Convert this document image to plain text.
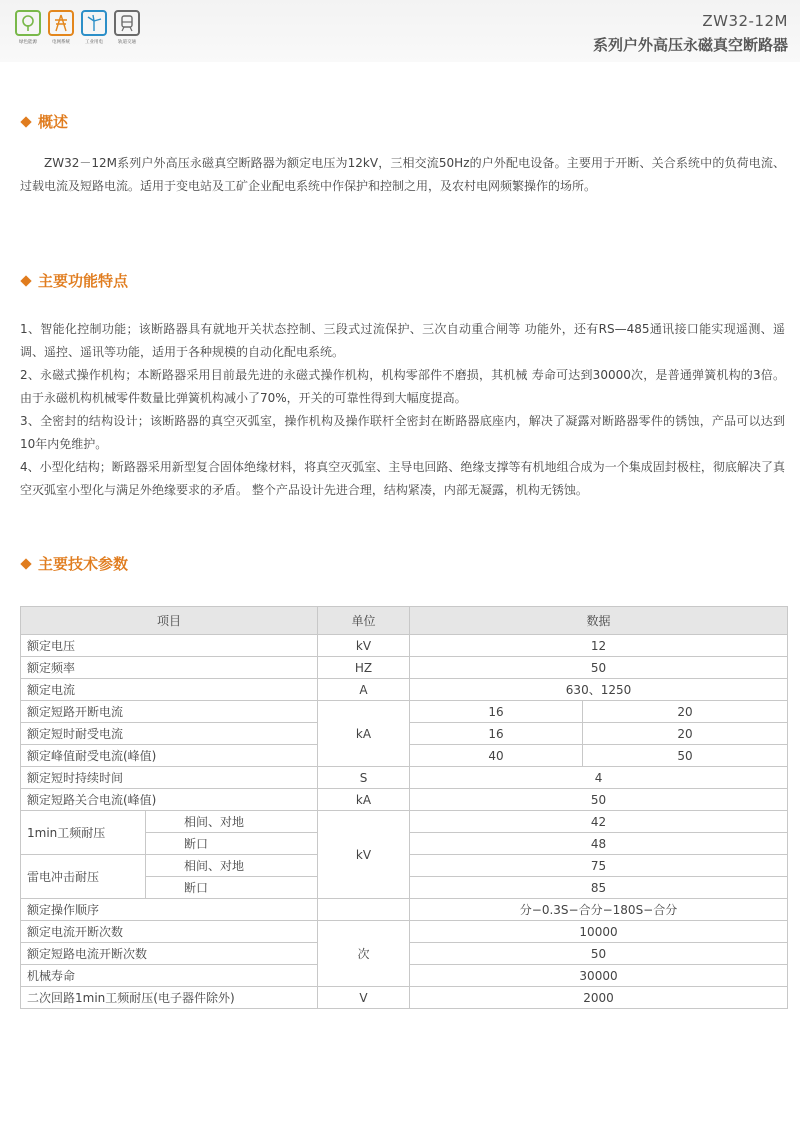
绿色能源	电网系统	工业用电	轨道交通
ZW32-12M
系列户外高压永磁真空断路器
概述

ZW32－12M系列户外高压永磁真空断路器为额定电压为12kV，三相交流50Hz的户外配电设备。主要用于开断、关合系统中的负荷电流、过载电流及短路电流。适用于变电站及工矿企业配电系统中作保护和控制之用，及农村电网频繁操作的场所。

主要功能特点

1、智能化控制功能；该断路器具有就地开关状态控制、三段式过流保护、三次自动重合闸等 功能外，还有RS—485通讯接口能实现遥测、遥调、遥控、遥讯等功能，适用于各种规模的自动化配电系统。

2、永磁式操作机构；本断路器采用目前最先进的永磁式操作机构，机构零部件不磨损，其机械 寿命可达到30000次，是普通弹簧机构的3倍。由于永磁机构机械零件数量比弹簧机构减小了70%，开关的可靠性得到大幅度提高。

3、全密封的结构设计；该断路器的真空灭弧室，操作机构及操作联杆全密封在断路器底座内，解决了凝露对断路器零件的锈蚀，产品可以达到10年内免维护。

4、小型化结构；断路器采用新型复合固体绝缘材料，将真空灭弧室、主导电回路、绝缘支撑等有机地组合成为一个集成固封极柱，彻底解决了真空灭弧室小型化与满足外绝缘要求的矛盾。 整个产品设计先进合理，结构紧凑，内部无凝露，机构无锈蚀。

主要技术参数
项目		单位	数据	
额定电压		kV	12	
额定频率		HZ	50	
额定电流		A	630、1250	
额定短路开断电流		kA	16	20
额定短时耐受电流			16	20
额定峰值耐受电流(峰值)			40	50
额定短时持续时间		S	4	
额定短路关合电流(峰值)		kA	50	
1min工频耐压	相间、对地	kV	42	
	断口		48	
雷电冲击耐压	相间、对地		75	
	断口		85	
额定操作顺序			分−0.3S−合分−180S−合分	
额定电流开断次数		次	10000	
额定短路电流开断次数			50	
机械寿命			30000	
二次回路1min工频耐压(电子器件除外)		V	2000	
